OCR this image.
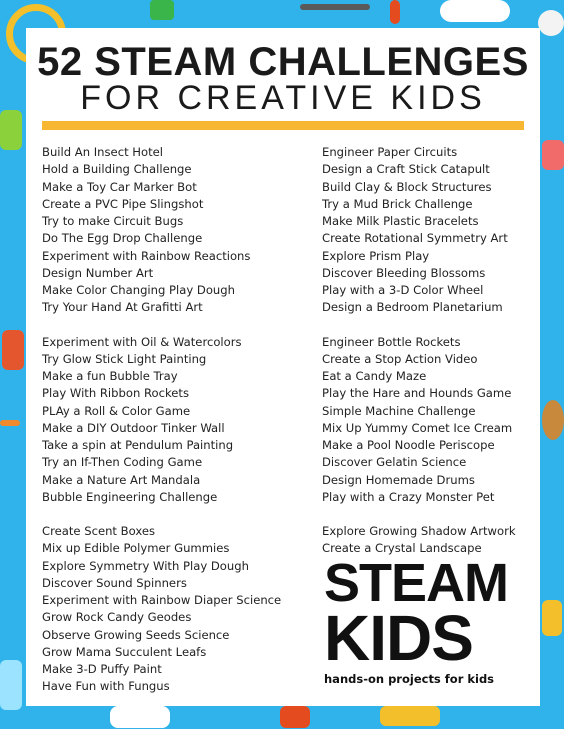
52 STEAM CHALLENGES
FOR CREATIVE KIDS
Build An Insect Hotel
Hold a Building Challenge
Make a Toy Car Marker Bot
Create a PVC Pipe Slingshot
Try to make Circuit Bugs
Do The Egg Drop Challenge
Experiment with Rainbow Reactions
Design Number Art
Make Color Changing Play Dough
Try Your Hand At Grafitti Art
Experiment with Oil & Watercolors
Try Glow Stick Light Painting
Make a fun Bubble Tray
Play With Ribbon Rockets
PLAy a Roll & Color Game
Make a DIY Outdoor Tinker Wall
Take a spin at Pendulum Painting
Try an If-Then Coding Game
Make a Nature Art Mandala
Bubble Engineering Challenge
Create Scent Boxes
Mix up Edible Polymer Gummies
Explore Symmetry With Play Dough
Discover Sound Spinners
Experiment with Rainbow Diaper Science
Grow Rock Candy Geodes
Observe Growing Seeds Science
Grow Mama Succulent Leafs
Make 3-D Puffy Paint
Have Fun with Fungus
Engineer Paper Circuits
Design a Craft Stick Catapult
Build Clay & Block Structures
Try a Mud Brick Challenge
Make Milk Plastic Bracelets
Create Rotational Symmetry Art
Explore Prism Play
Discover Bleeding Blossoms
Play with a 3-D Color Wheel
Design a Bedroom Planetarium
Engineer Bottle Rockets
Create a Stop Action Video
Eat a Candy Maze
Play the Hare and Hounds Game
Simple Machine Challenge
Mix Up Yummy Comet Ice Cream
Make a Pool Noodle Periscope
Discover Gelatin Science
Design Homemade Drums
Play with a Crazy Monster Pet
Explore Growing Shadow Artwork
Create a Crystal Landscape
STEAM
KIDS
hands-on projects for kids
